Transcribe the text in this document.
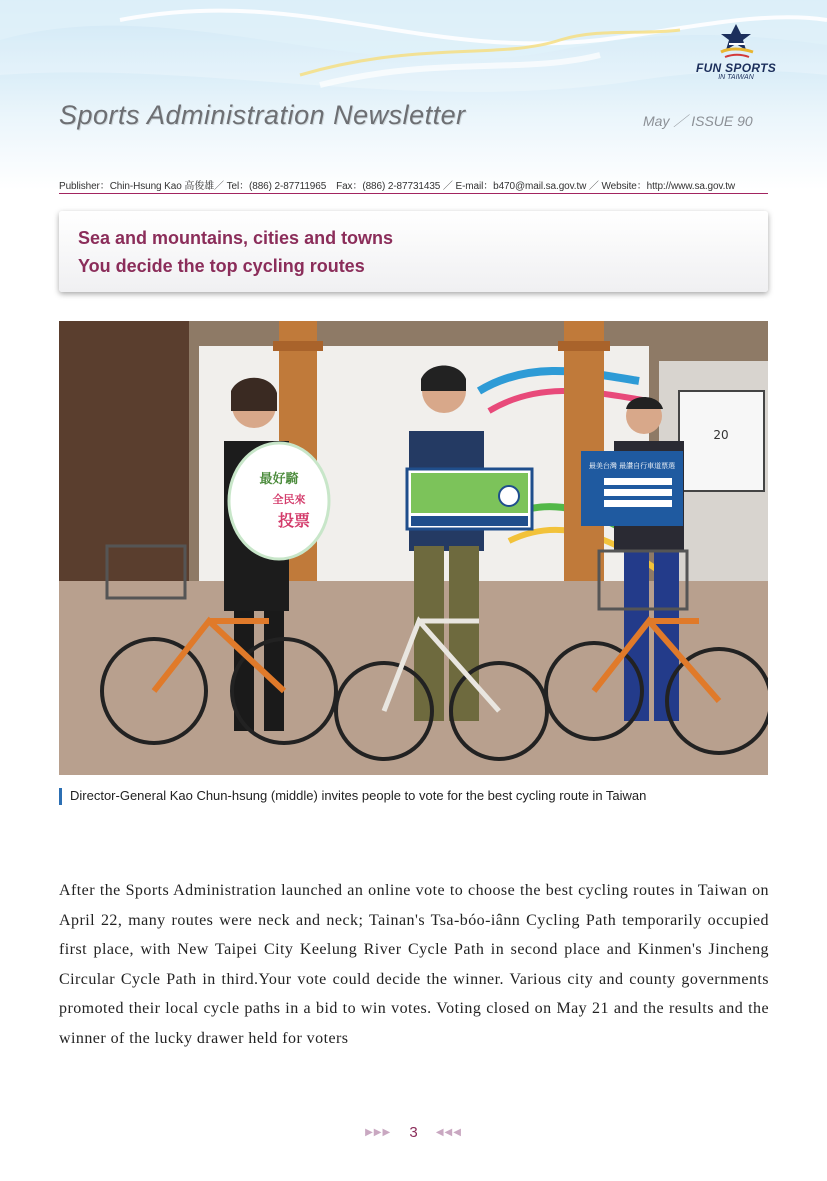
FUN SPORTS
IN TAIWAN
Sports Administration Newsletter	May ／ ISSUE 90
Publisher：Chin-Hsung Kao 高俊雄／ Tel：(886) 2-87711965　Fax：(886) 2-87731435 ／ E-mail：b470@mail.sa.gov.tw ／ Website：http://www.sa.gov.tw
Sea and mountains, cities and towns
You decide the top cycling routes
最好騎
全民來
投票
最美台灣 最讚自行車道票選
20
Director-General Kao Chun-hsung (middle) invites people to vote for the best cycling route in Taiwan

After the Sports Administration launched an online vote to choose the best cycling routes in Taiwan on April 22, many routes were neck and neck; Tainan's Tsa-bóo-iânn Cycling Path temporarily occupied first place, with New Taipei City Keelung River Cycle Path in second place and Kinmen's Jincheng Circular Cycle Path in third.Your vote could decide the winner. Various city and county governments promoted their local cycle paths in a bid to win votes. Voting closed on May 21 and the results and the winner of the lucky drawer held for voters

▶▶▶ 3 ◀◀◀
